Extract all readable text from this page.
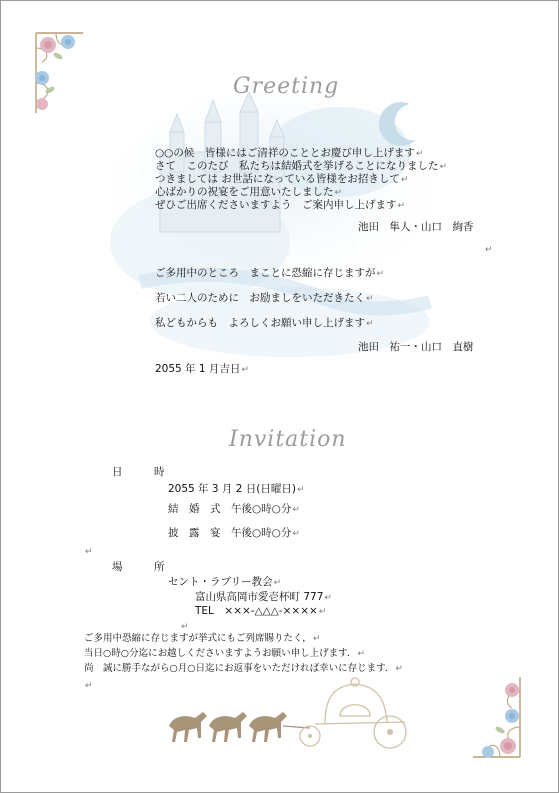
Greeting
○○の候　皆様にはご清祥のこととお慶び申し上げます↵
さて　このたび　私たちは結婚式を挙げることになりました↵
つきましては お世話になっている皆様をお招きして↵
心ばかりの祝宴をご用意いたしました↵
ぜひご出席くださいますよう　ご案内申し上げます↵
池田　隼人・山口　絢香
↵
ご多用中のところ　まことに恐縮に存じますが↵
若い二人のために　お励ましをいただきたく↵
私どもからも　よろしくお願い申し上げます↵
池田　祐一・山口　直樹
2055 年 1 月吉日↵
Invitation
日　　　時
2055 年 3 月 2 日(日曜日)↵
結　婚　式　午後○時○分↵
披　露　宴　午後○時○分↵
↵
場　　　所
セント・ラブリー教会↵
富山県高岡市愛壱杯町 777↵
TEL　×××-△△△-××××↵
↵
ご多用中恐縮に存じますが挙式にもご列席賜りたく，↵
当日○時○分迄にお越しくださいますようお願い申し上げます．↵
尚　誠に勝手ながら○月○日迄にお返事をいただければ幸いに存じます．↵
↵
